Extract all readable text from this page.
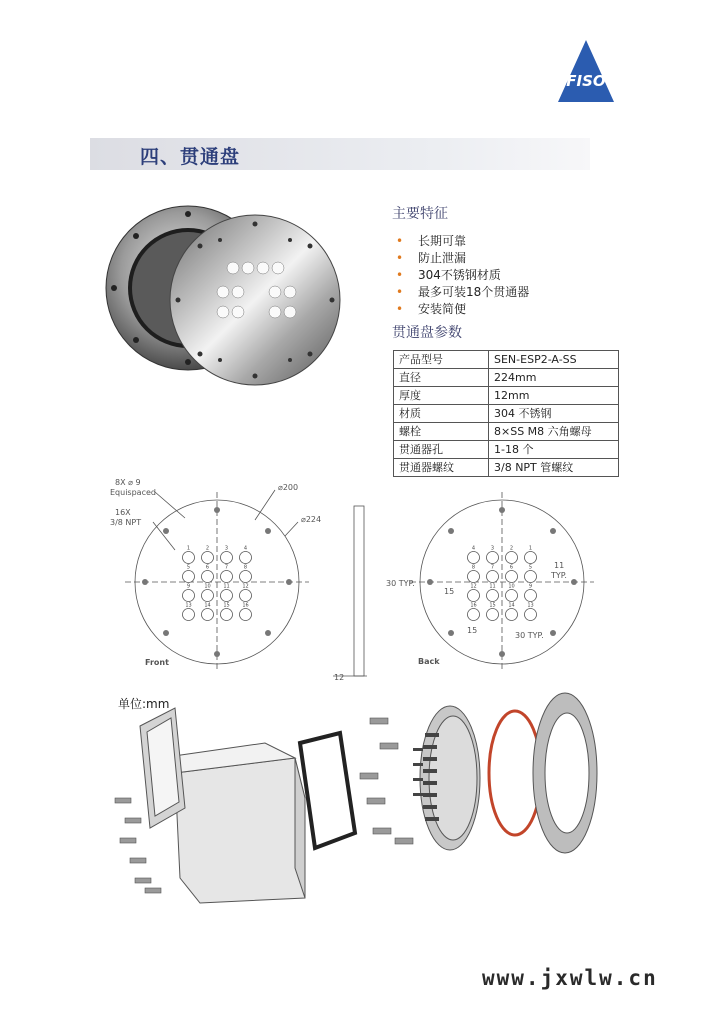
FISO
四、贯通盘
主要特征
• 长期可靠
• 防止泄漏
• 304不锈钢材质
• 最多可装18个贯通器
• 安装简便
贯通盘参数
产品型号	SEN-ESP2-A-SS
直径	224mm
厚度	12mm
材质	304 不锈钢
螺栓	8×SS M8 六角螺母
贯通器孔	1-18 个
贯通器螺纹	3/8 NPT 管螺纹
1	2	3	4
5	6	7	8
9	10	11	12
13	14	15	16
4	3	2	1
8	7	6	5
12	11	10	9
16	15	14	13
8X ⌀ 9
Equispaced
16X
3/8 NPT
⌀200
⌀224
Front
12
Back
30 TYP.
15
11
TYP.
15
30 TYP.
单位:mm
www.jxwlw.cn
